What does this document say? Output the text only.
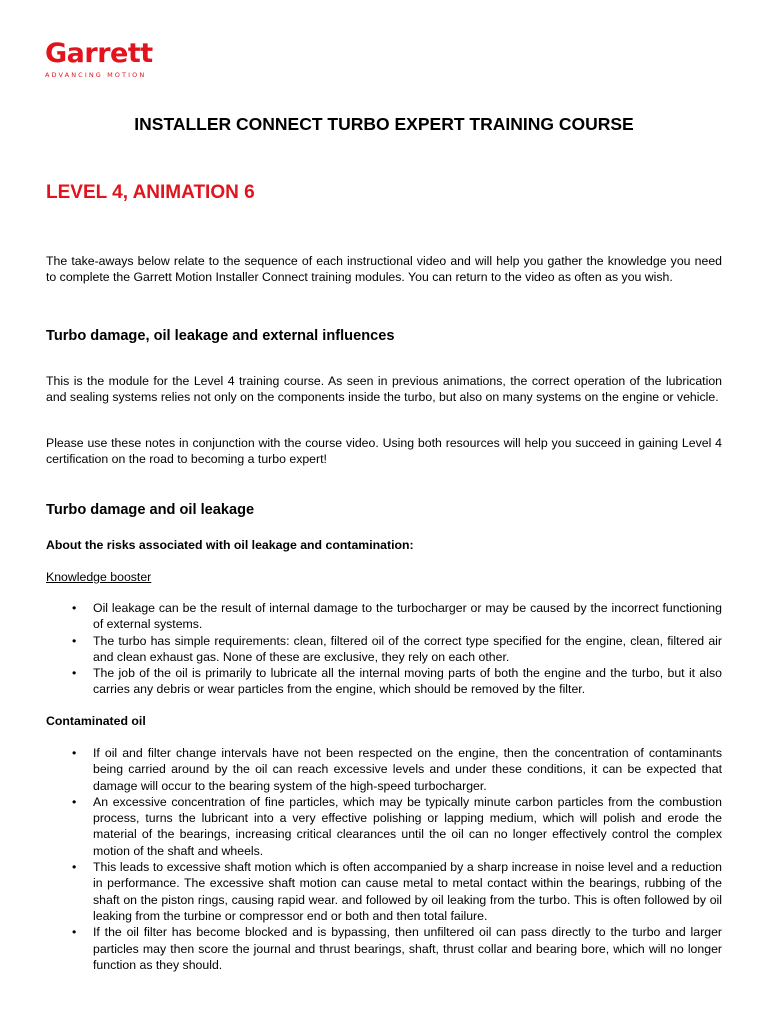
Garrett
ADVANCING MOTION
INSTALLER CONNECT TURBO EXPERT TRAINING COURSE
LEVEL 4, ANIMATION 6
The take-aways below relate to the sequence of each instructional video and will help you gather the knowledge you need to complete the Garrett Motion Installer Connect training modules. You can return to the video as often as you wish.
Turbo damage, oil leakage and external influences
This is the module for the Level 4 training course. As seen in previous animations, the correct operation of the lubrication and sealing systems relies not only on the components inside the turbo, but also on many systems on the engine or vehicle.
Please use these notes in conjunction with the course video. Using both resources will help you succeed in gaining Level 4 certification on the road to becoming a turbo expert!
Turbo damage and oil leakage
About the risks associated with oil leakage and contamination:
Knowledge booster
• Oil leakage can be the result of internal damage to the turbocharger or may be caused by the incorrect functioning of external systems.
• The turbo has simple requirements: clean, filtered oil of the correct type specified for the engine, clean, filtered air and clean exhaust gas. None of these are exclusive, they rely on each other.
• The job of the oil is primarily to lubricate all the internal moving parts of both the engine and the turbo, but it also carries any debris or wear particles from the engine, which should be removed by the filter.
Contaminated oil
• If oil and filter change intervals have not been respected on the engine, then the concentration of contaminants being carried around by the oil can reach excessive levels and under these conditions, it can be expected that damage will occur to the bearing system of the high-speed turbocharger.
• An excessive concentration of fine particles, which may be typically minute carbon particles from the combustion process, turns the lubricant into a very effective polishing or lapping medium, which will polish and erode the material of the bearings, increasing critical clearances until the oil can no longer effectively control the complex motion of the shaft and wheels.
• This leads to excessive shaft motion which is often accompanied by a sharp increase in noise level and a reduction in performance. The excessive shaft motion can cause metal to metal contact within the bearings, rubbing of the shaft on the piston rings, causing rapid wear. and followed by oil leaking from the turbo. This is often followed by oil leaking from the turbine or compressor end or both and then total failure.
• If the oil filter has become blocked and is bypassing, then unfiltered oil can pass directly to the turbo and larger particles may then score the journal and thrust bearings, shaft, thrust collar and bearing bore, which will no longer function as they should.
